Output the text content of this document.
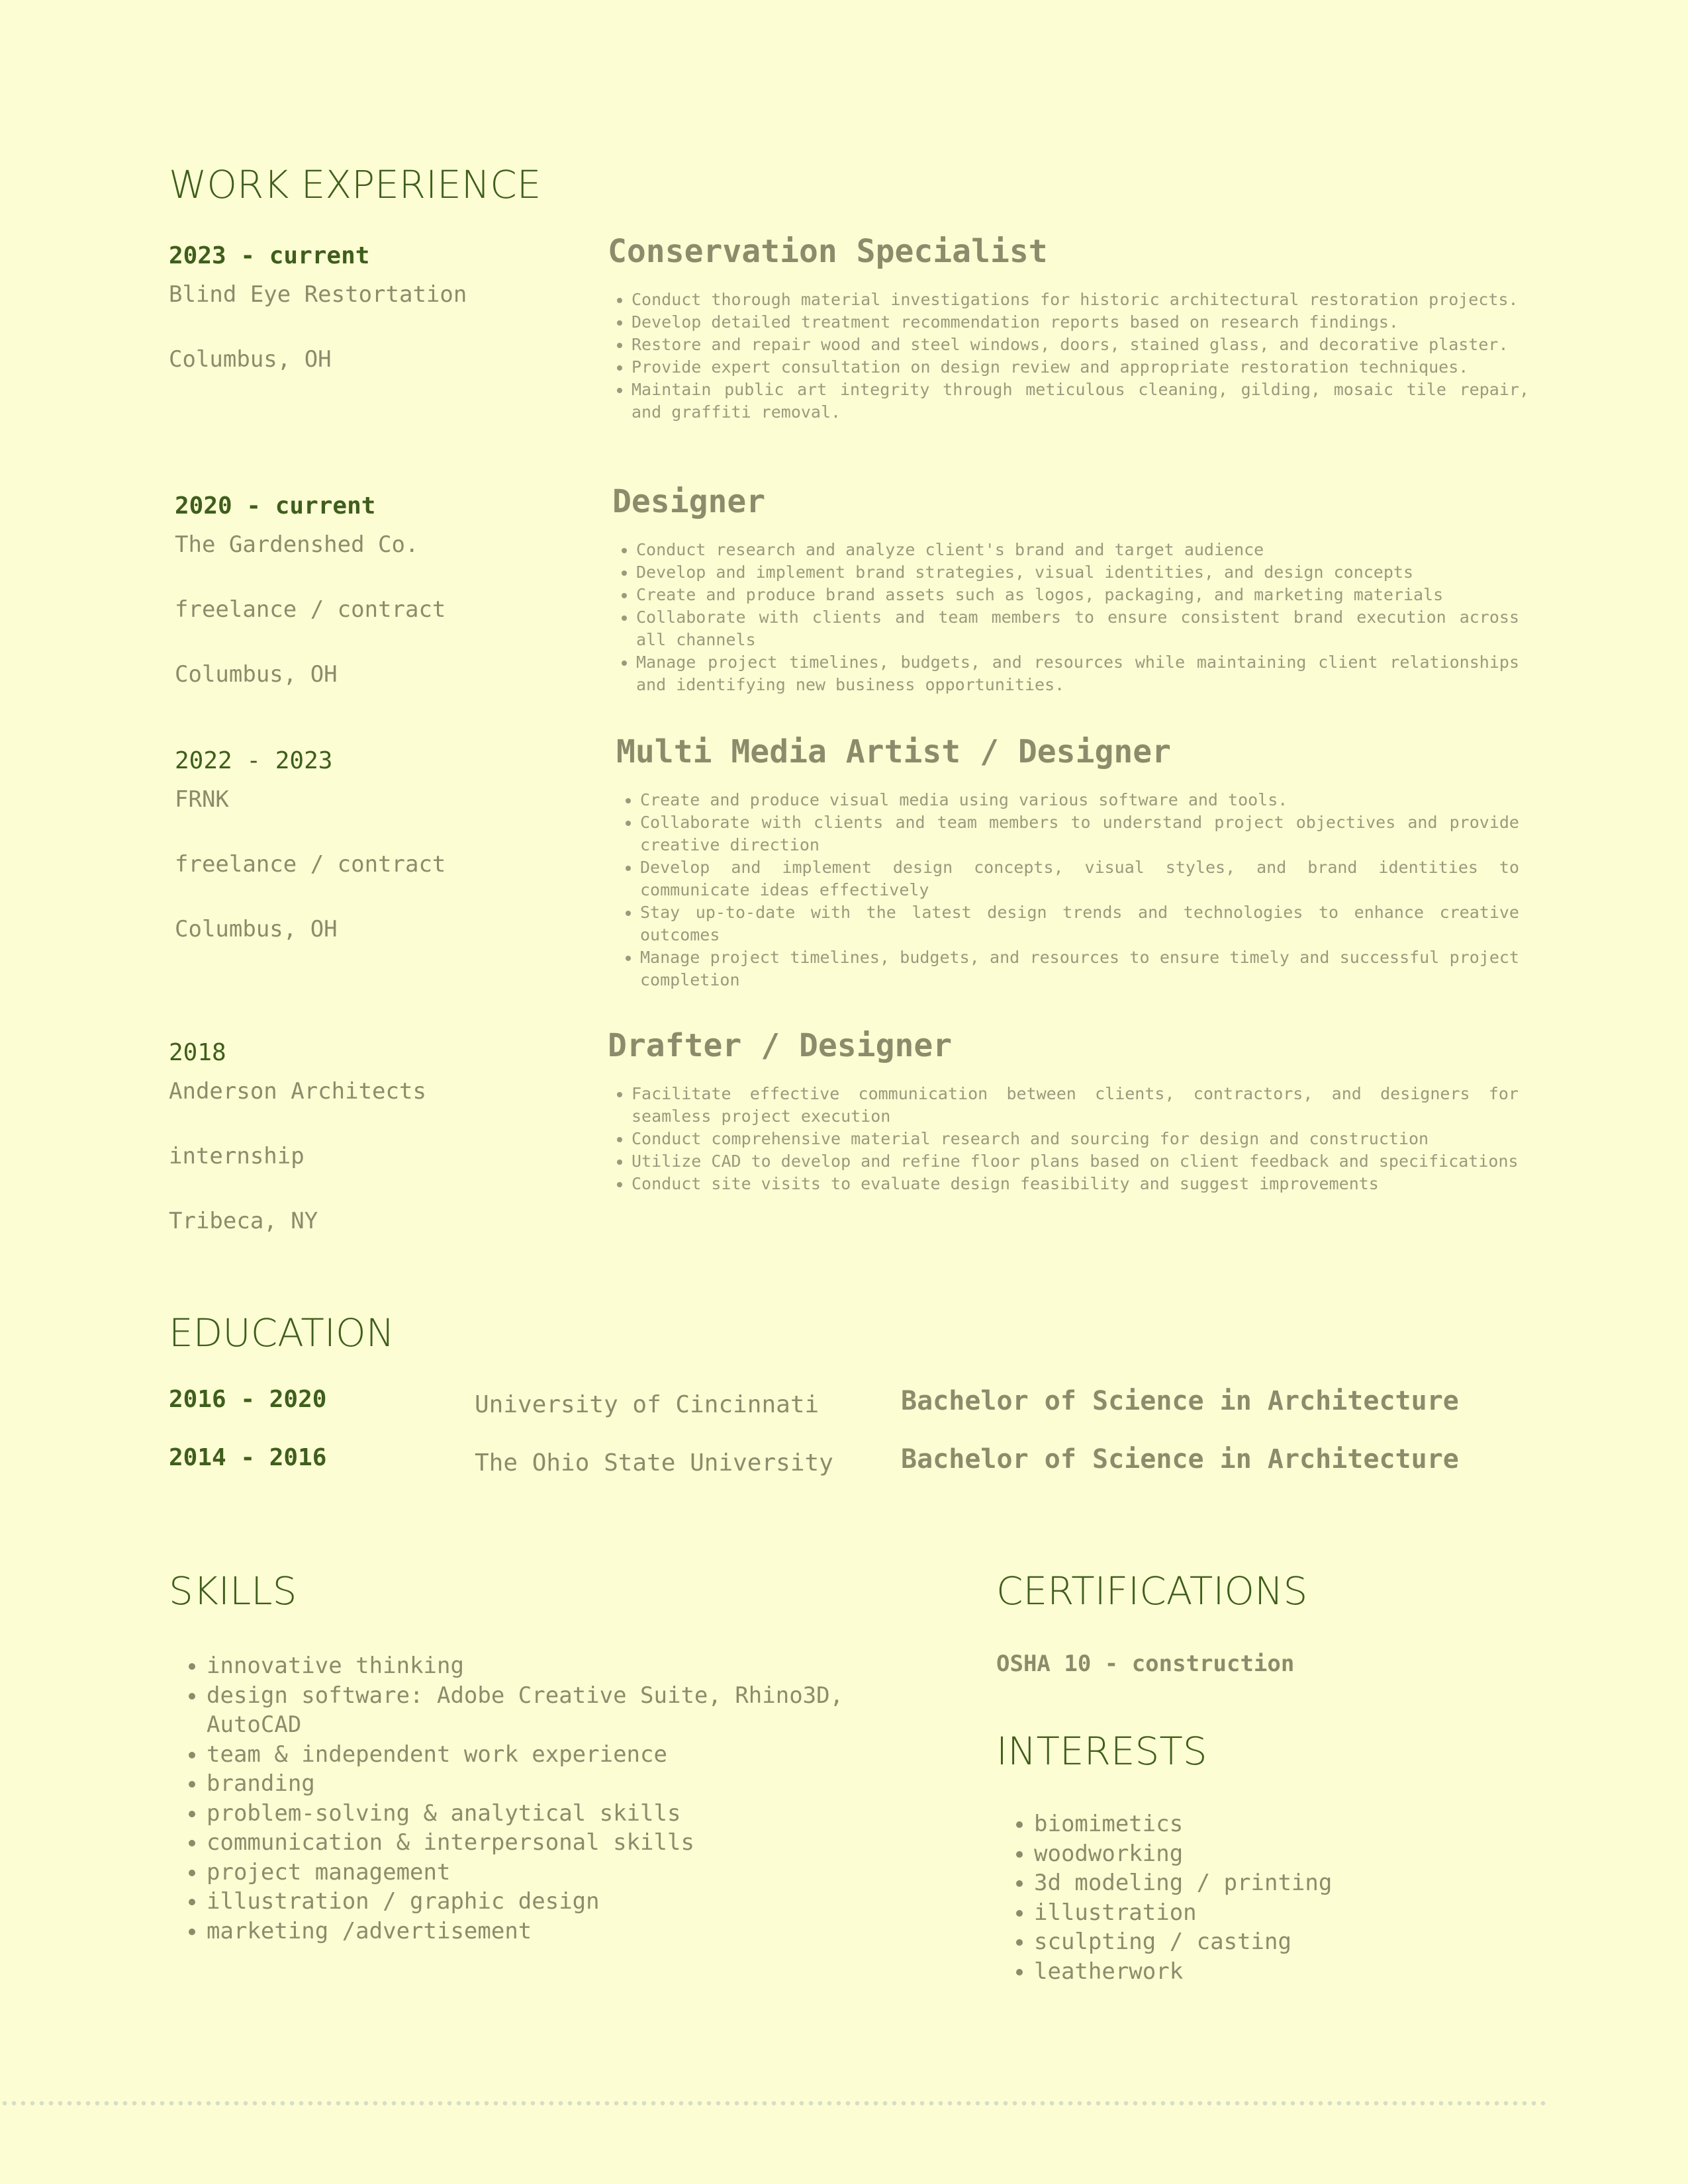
WORK EXPERIENCE

2023 - current

Blind Eye Restortation

Columbus, OH

Conservation Specialist
• Conduct thorough material investigations for historic architectural restoration projects.
• Develop detailed treatment recommendation reports based on research findings.
• Restore and repair wood and steel windows, doors, stained glass, and decorative plaster.
• Provide expert consultation on design review and appropriate restoration techniques.
• Maintain public art integrity through meticulous cleaning, gilding, mosaic tile repair, and graffiti removal.

2020 - current

The Gardenshed Co.

freelance / contract

Columbus, OH

Designer
• Conduct research and analyze client's brand and target audience
• Develop and implement brand strategies, visual identities, and design concepts
• Create and produce brand assets such as logos, packaging, and marketing materials
• Collaborate with clients and team members to ensure consistent brand execution across all channels
• Manage project timelines, budgets, and resources while maintaining client relationships and identifying new business opportunities.

2022 - 2023

FRNK

freelance / contract

Columbus, OH

Multi Media Artist / Designer
• Create and produce visual media using various software and tools.
• Collaborate with clients and team members to understand project objectives and provide creative direction
• Develop and implement design concepts, visual styles, and brand identities to communicate ideas effectively
• Stay up-to-date with the latest design trends and technologies to enhance creative outcomes
• Manage project timelines, budgets, and resources to ensure timely and successful project completion

2018

Anderson Architects

internship

Tribeca, NY

Drafter / Designer
• Facilitate effective communication between clients, contractors, and designers for seamless project execution
• Conduct comprehensive material research and sourcing for design and construction
• Utilize CAD to develop and refine floor plans based on client feedback and specifications
• Conduct site visits to evaluate design feasibility and suggest improvements
EDUCATION
2016 - 2020	University of Cincinnati	Bachelor of Science in Architecture
2014 - 2016	The Ohio State University	Bachelor of Science in Architecture
SKILLS
• innovative thinking
• design software: Adobe Creative Suite, Rhino3D, AutoCAD
• team & independent work experience
• branding
• problem-solving & analytical skills
• communication & interpersonal skills
• project management
• illustration / graphic design
• marketing /advertisement
CERTIFICATIONS
OSHA 10 - construction
INTERESTS
• biomimetics
• woodworking
• 3d modeling / printing
• illustration
• sculpting / casting
• leatherwork
